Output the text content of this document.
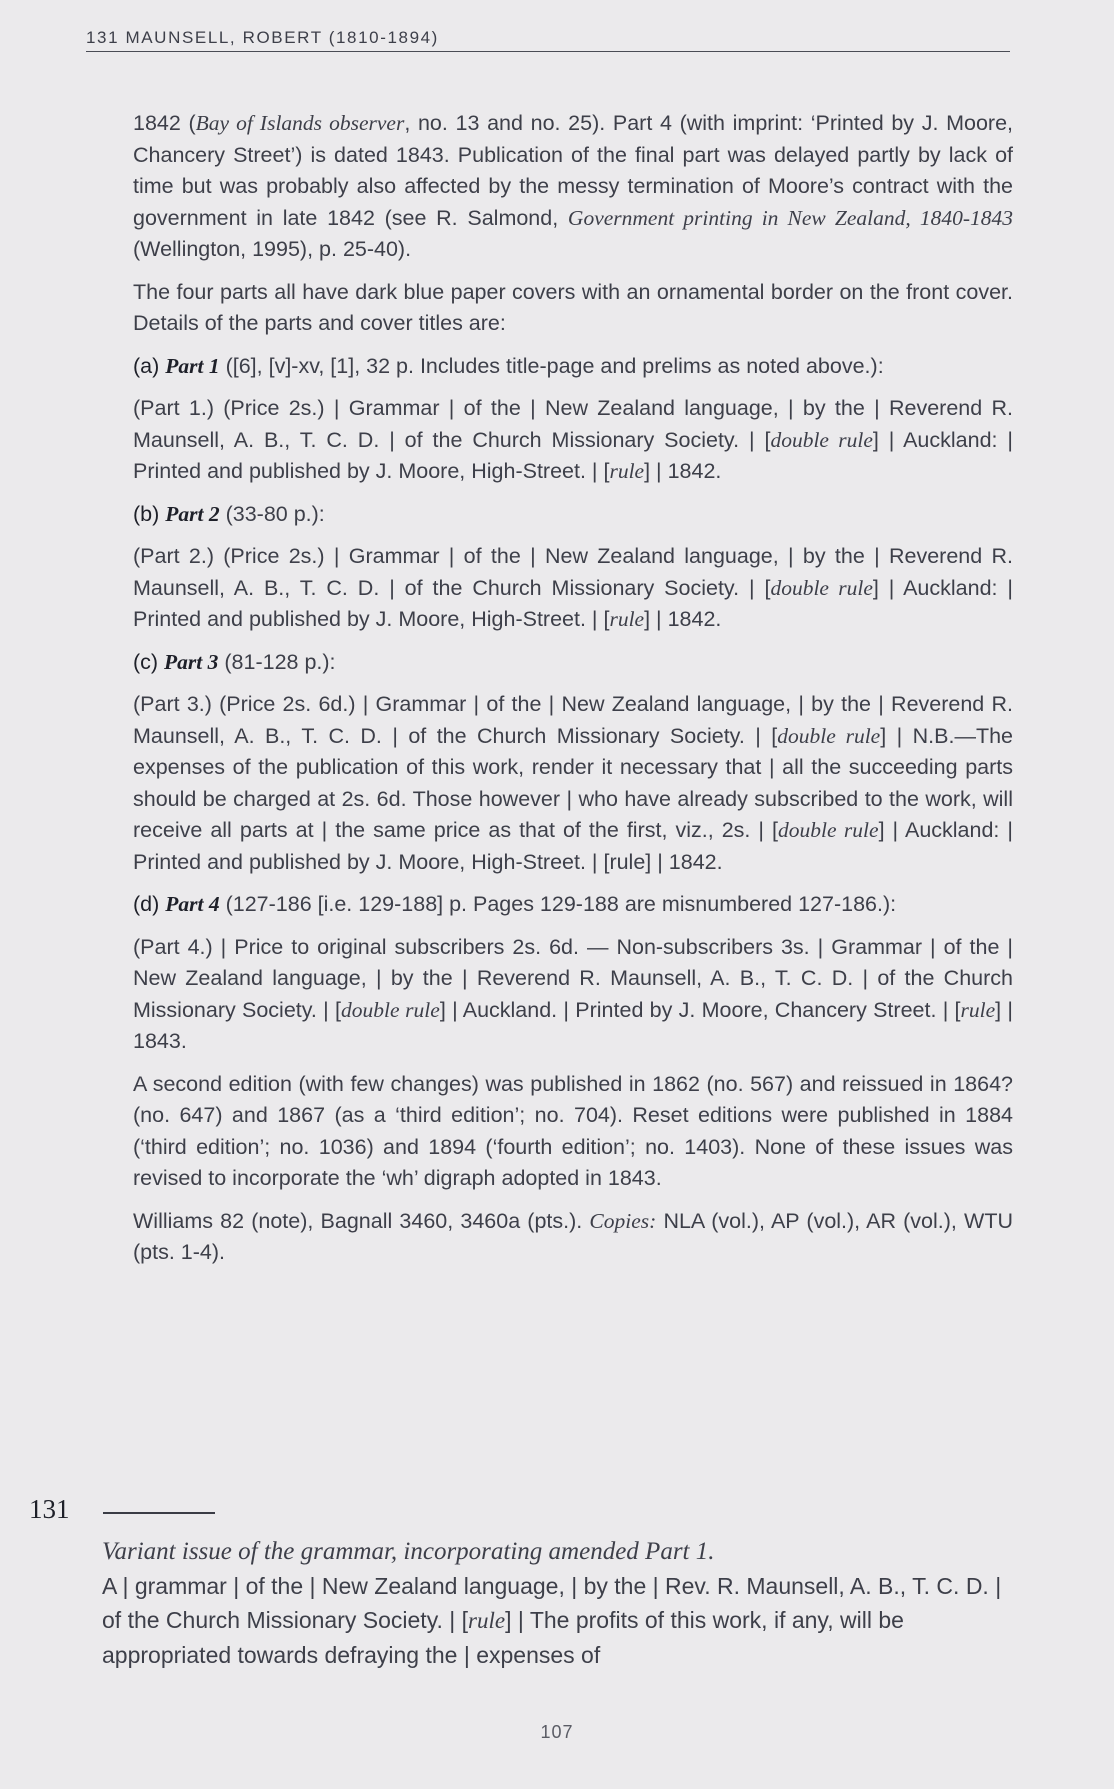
131 MAUNSELL, ROBERT (1810-1894)

1842 (Bay of Islands observer, no. 13 and no. 25). Part 4 (with imprint: ‘Printed by J. Moore, Chancery Street’) is dated 1843. Publication of the final part was delayed partly by lack of time but was probably also affected by the messy termination of Moore’s contract with the government in late 1842 (see R. Salmond, Government printing in New Zealand, 1840-1843 (Wellington, 1995), p. 25-40).

The four parts all have dark blue paper covers with an ornamental border on the front cover. Details of the parts and cover titles are:

(a) Part 1 ([6], [v]-xv, [1], 32 p. Includes title-page and prelims as noted above.):

(Part 1.) (Price 2s.) | Grammar | of the | New Zealand language, | by the | Reverend R. Maunsell, A. B., T. C. D. | of the Church Missionary Society. | [double rule] | Auckland: | Printed and published by J. Moore, High-Street. | [rule] | 1842.

(b) Part 2 (33-80 p.):

(Part 2.) (Price 2s.) | Grammar | of the | New Zealand language, | by the | Reverend R. Maunsell, A. B., T. C. D. | of the Church Missionary Society. | [double rule] | Auckland: | Printed and published by J. Moore, High-Street. | [rule] | 1842.

(c) Part 3 (81-128 p.):

(Part 3.) (Price 2s. 6d.) | Grammar | of the | New Zealand language, | by the | Reverend R. Maunsell, A. B., T. C. D. | of the Church Missionary Society. | [double rule] | N.B.—The expenses of the publication of this work, render it necessary that | all the succeeding parts should be charged at 2s. 6d. Those however | who have already subscribed to the work, will receive all parts at | the same price as that of the first, viz., 2s. | [double rule] | Auckland: | Printed and published by J. Moore, High-Street. | [rule] | 1842.

(d) Part 4 (127-186 [i.e. 129-188] p. Pages 129-188 are misnumbered 127-186.):

(Part 4.) | Price to original subscribers 2s. 6d. — Non-subscribers 3s. | Grammar | of the | New Zealand language, | by the | Reverend R. Maunsell, A. B., T. C. D. | of the Church Missionary Society. | [double rule] | Auckland. | Printed by J. Moore, Chancery Street. | [rule] | 1843.

A second edition (with few changes) was published in 1862 (no. 567) and reissued in 1864? (no. 647) and 1867 (as a ‘third edition’; no. 704). Reset editions were published in 1884 (‘third edition’; no. 1036) and 1894 (‘fourth edition’; no. 1403). None of these issues was revised to incorporate the ‘wh’ digraph adopted in 1843.

Williams 82 (note), Bagnall 3460, 3460a (pts.). Copies: NLA (vol.), AP (vol.), AR (vol.), WTU (pts. 1-4).

131

Variant issue of the grammar, incorporating amended Part 1.

A | grammar | of the | New Zealand language, | by the | Rev. R. Maunsell, A. B., T. C. D. | of the Church Missionary Society. | [rule] | The profits of this work, if any, will be appropriated towards defraying the | expenses of

107
